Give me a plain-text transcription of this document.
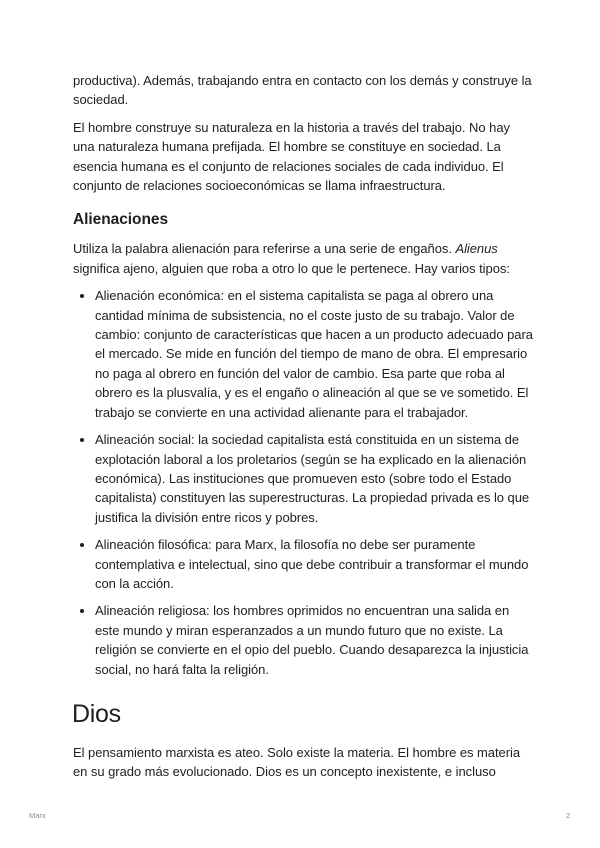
productiva). Además, trabajando entra en contacto con los demás y construye la sociedad.

El hombre construye su naturaleza en la historia a través del trabajo. No hay una naturaleza humana prefijada. El hombre se constituye en sociedad. La esencia humana es el conjunto de relaciones sociales de cada individuo. El conjunto de relaciones socioeconómicas se llama infraestructura.

Alienaciones

Utiliza la palabra alienación para referirse a una serie de engaños. Alienus significa ajeno, alguien que roba a otro lo que le pertenece. Hay varios tipos:

Alienación económica: en el sistema capitalista se paga al obrero una cantidad mínima de subsistencia, no el coste justo de su trabajo. Valor de cambio: conjunto de características que hacen a un producto adecuado para el mercado. Se mide en función del tiempo de mano de obra. El empresario no paga al obrero en función del valor de cambio. Esa parte que roba al obrero es la plusvalía, y es el engaño o alineación al que se ve sometido. El trabajo se convierte en una actividad alienante para el trabajador.
Alineación social: la sociedad capitalista está constituida en un sistema de explotación laboral a los proletarios (según se ha explicado en la alienación económica). Las instituciones que promueven esto (sobre todo el Estado capitalista) constituyen las superestructuras. La propiedad privada es lo que justifica la división entre ricos y pobres.
Alineación filosófica: para Marx, la filosofía no debe ser puramente contemplativa e intelectual, sino que debe contribuir a transformar el mundo con la acción.
Alineación religiosa: los hombres oprimidos no encuentran una salida en este mundo y miran esperanzados a un mundo futuro que no existe. La religión se convierte en el opio del pueblo. Cuando desaparezca la injusticia social, no hará falta la religión.
Dios

El pensamiento marxista es ateo. Solo existe la materia. El hombre es materia en su grado más evolucionado. Dios es un concepto inexistente, e incluso

Marx	2
